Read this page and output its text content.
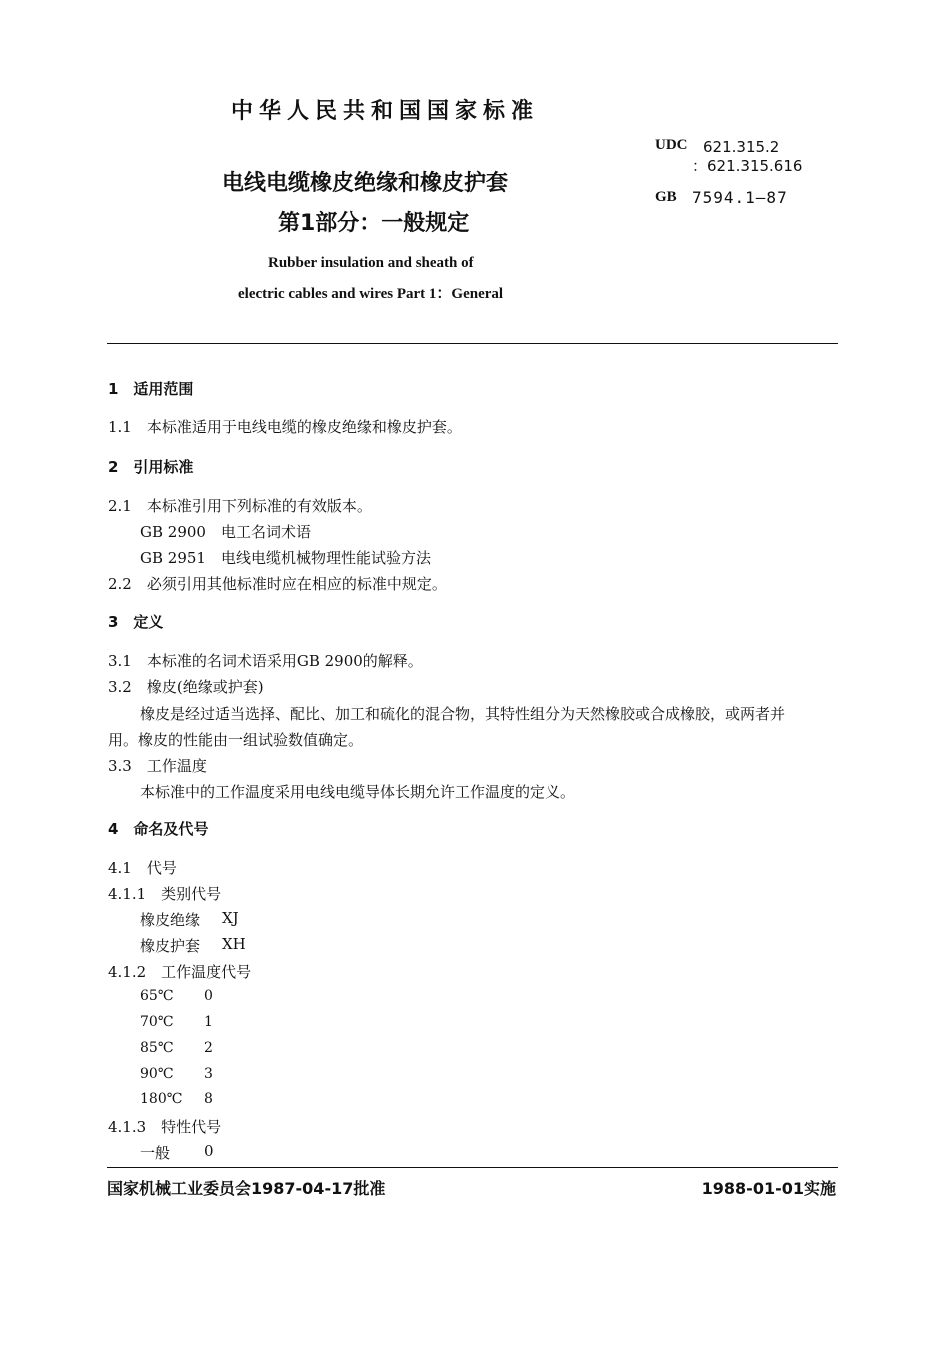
中华人民共和国国家标准
电线电缆橡皮绝缘和橡皮护套
第1部分：一般规定
Rubber insulation and sheath of
electric cables and wires Part 1：General
UDC 621.315.2
：621.315.616
GB 7594.1—87
1　适用范围
1.1　本标准适用于电线电缆的橡皮绝缘和橡皮护套。
2　引用标准
2.1　本标准引用下列标准的有效版本。
GB 2900　电工名词术语
GB 2951　电线电缆机械物理性能试验方法
2.2　必须引用其他标准时应在相应的标准中规定。
3　定义
3.1　本标准的名词术语采用GB 2900的解释。
3.2　橡皮(绝缘或护套)
橡皮是经过适当选择、配比、加工和硫化的混合物，其特性组分为天然橡胶或合成橡胶，或两者并
用。橡皮的性能由一组试验数值确定。
3.3　工作温度
本标准中的工作温度采用电线电缆导体长期允许工作温度的定义。
4　命名及代号
4.1　代号
4.1.1　类别代号
橡皮绝缘 XJ
橡皮护套 XH
4.1.2　工作温度代号
65℃ 0
70℃ 1
85℃ 2
90℃ 3
180℃ 8
4.1.3　特性代号
一般 0
国家机械工业委员会1987-04-17批准	1988-01-01实施
